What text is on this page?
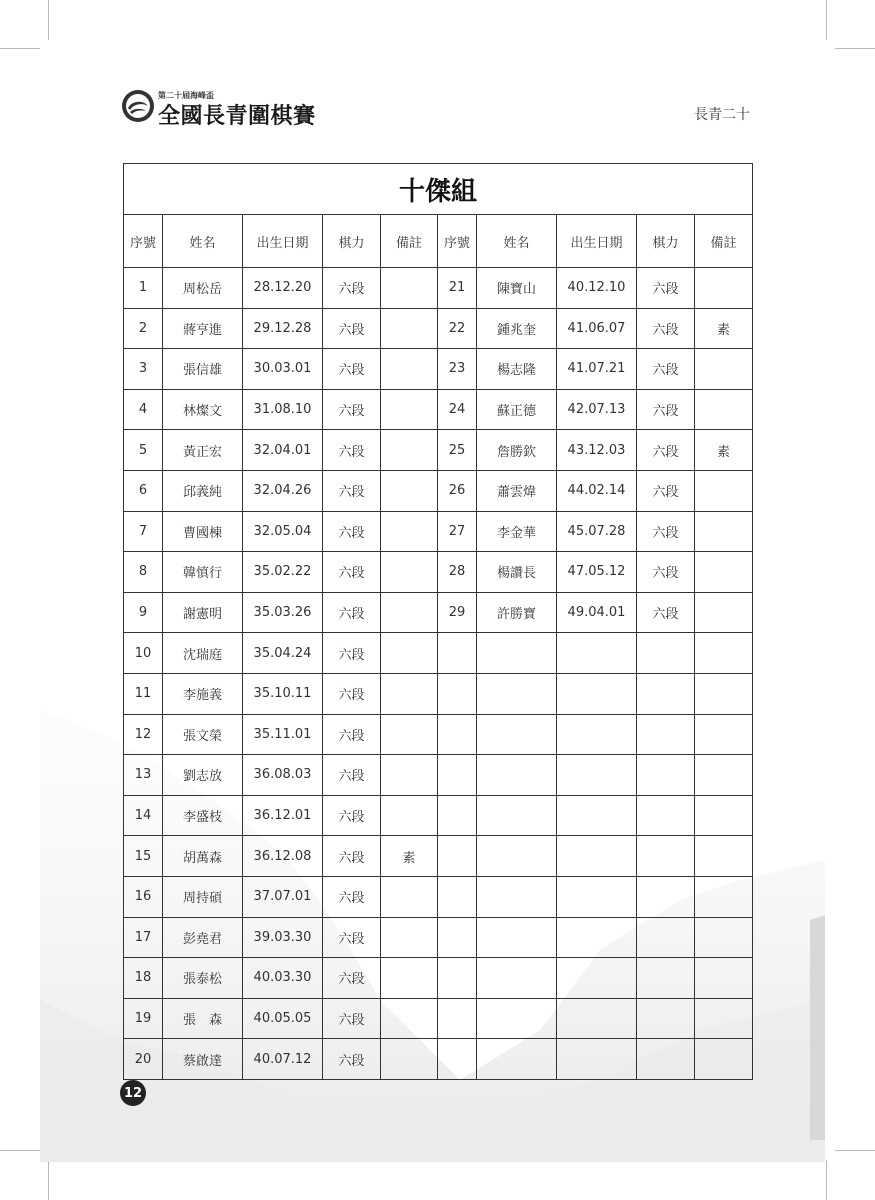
第二十屆海峰盃
全國長青圍棋賽	長青二十
十傑組									
序號	姓名	出生日期	棋力	備註	序號	姓名	出生日期	棋力	備註
1	周松岳	28.12.20	六段		21	陳寶山	40.12.10	六段	
2	蔣亨進	29.12.28	六段		22	鍾兆奎	41.06.07	六段	素
3	張信雄	30.03.01	六段		23	楊志隆	41.07.21	六段	
4	林燦文	31.08.10	六段		24	蘇正德	42.07.13	六段	
5	黃正宏	32.04.01	六段		25	詹勝欽	43.12.03	六段	素
6	邱義純	32.04.26	六段		26	蕭雲煒	44.02.14	六段	
7	曹國棟	32.05.04	六段		27	李金華	45.07.28	六段	
8	韓慎行	35.02.22	六段		28	楊讚長	47.05.12	六段	
9	謝憲明	35.03.26	六段		29	許勝寶	49.04.01	六段	
10	沈瑞庭	35.04.24	六段						
11	李施義	35.10.11	六段						
12	張文榮	35.11.01	六段						
13	劉志放	36.08.03	六段						
14	李盛枝	36.12.01	六段						
15	胡萬森	36.12.08	六段	素					
16	周持碩	37.07.01	六段						
17	彭堯君	39.03.30	六段						
18	張泰松	40.03.30	六段						
19	張　森	40.05.05	六段						
20	蔡啟達	40.07.12	六段						
12
